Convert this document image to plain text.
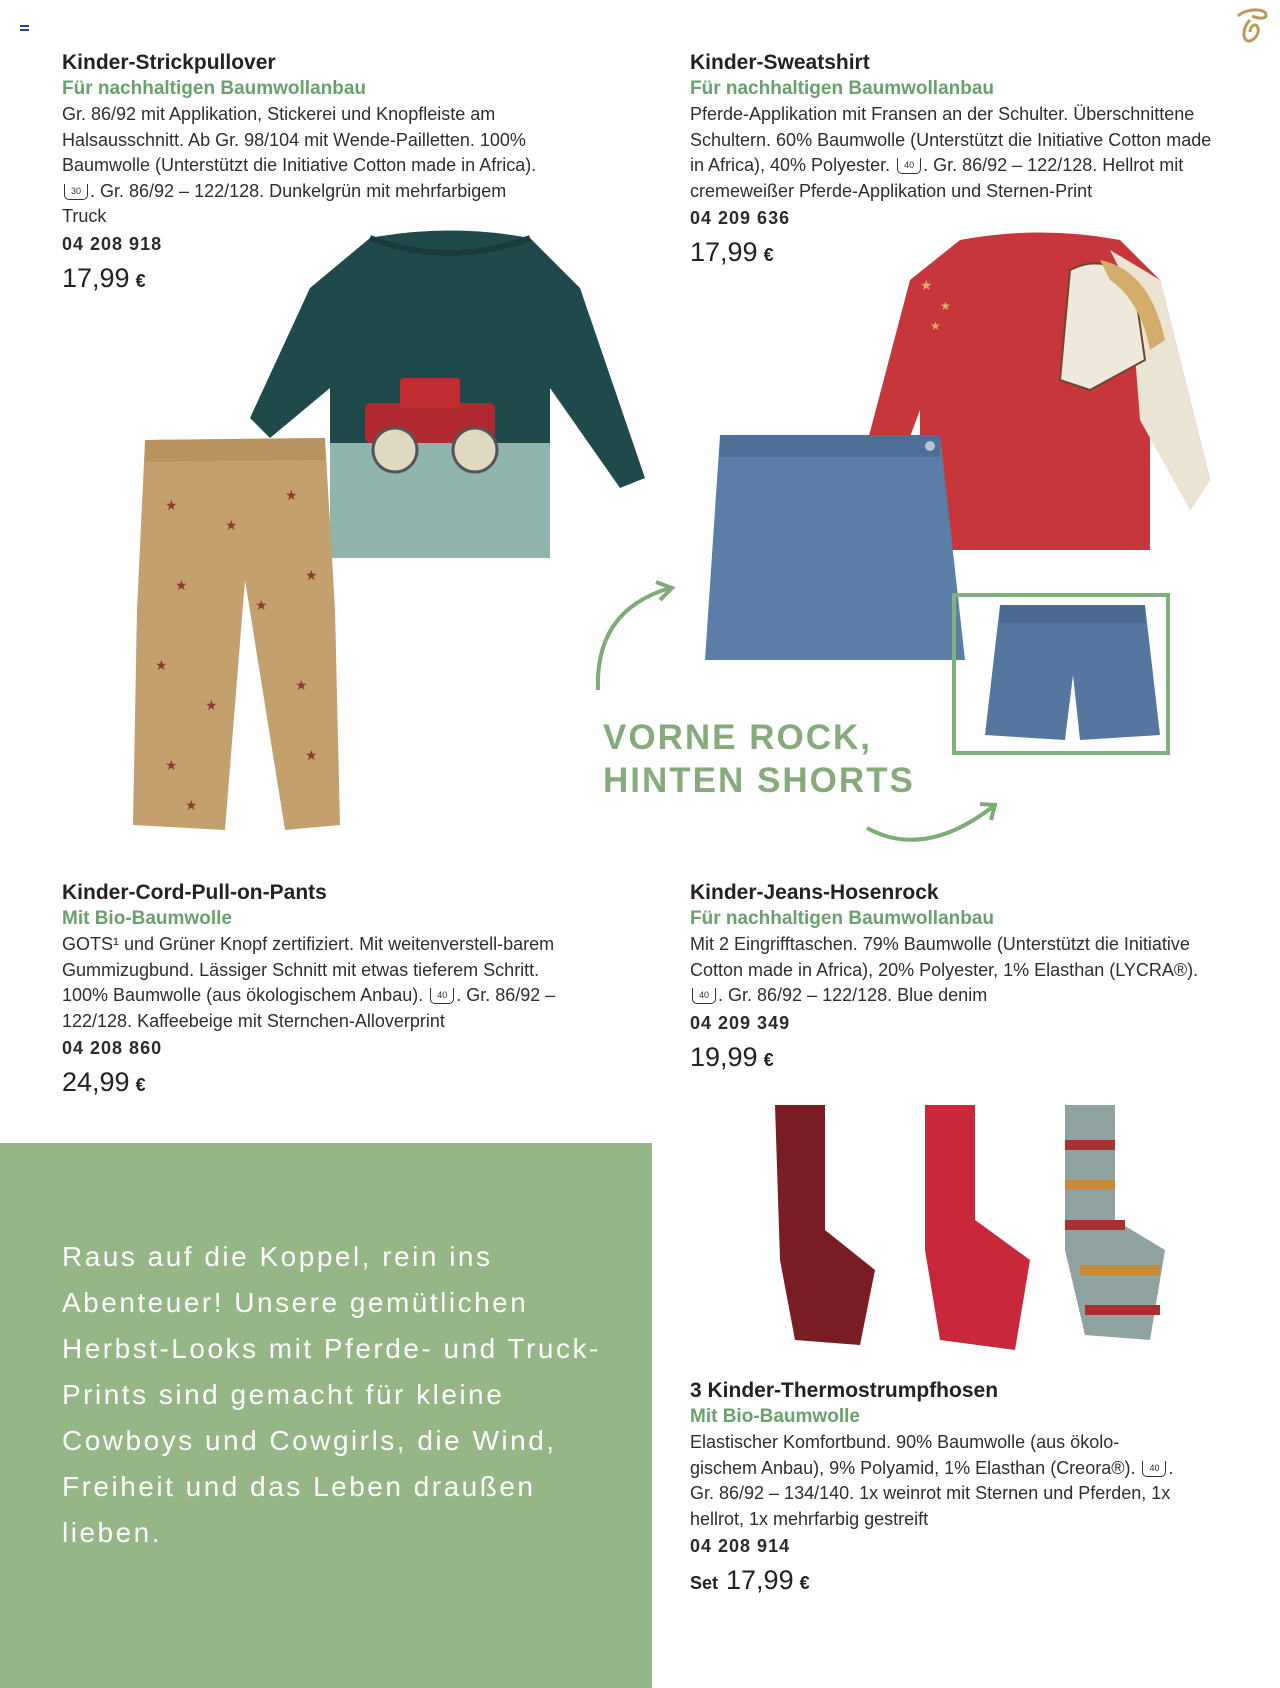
Kinder-Strickpullover
Für nachhaltigen Baumwollanbau
Gr. 86/92 mit Applikation, Stickerei und Knopfleiste am Halsausschnitt. Ab Gr. 98/104 mit Wende-Pailletten. 100% Baumwolle (Unterstützt die Initiative Cotton made in Africa). 30 . Gr. 86/92 – 122/128. Dunkelgrün mit mehrfarbigem Truck
04 208 918
17,99 €
Kinder-Sweatshirt
Für nachhaltigen Baumwollanbau
Pferde-Applikation mit Fransen an der Schulter. Überschnittene Schultern. 60% Baumwolle (Unterstützt die Initiative Cotton made in Africa), 40% Polyester. 40 . Gr. 86/92 – 122/128. Hellrot mit cremeweißer Pferde-Applikation und Sternen-Print
04 209 636
17,99 €
★
★
★
★
★
★
★
★
★
★
★
★
★
★
★
VORNE ROCK,
HINTEN SHORTS
Kinder-Cord-Pull-on-Pants
Mit Bio-Baumwolle
GOTS¹ und Grüner Knopf zertifiziert. Mit weitenverstell-barem Gummizugbund. Lässiger Schnitt mit etwas tieferem Schritt. 100% Baumwolle (aus ökologischem Anbau). 40 . Gr. 86/92 – 122/128. Kaffeebeige mit Sternchen-Alloverprint
04 208 860
24,99 €
Kinder-Jeans-Hosenrock
Für nachhaltigen Baumwollanbau
Mit 2 Eingrifftaschen. 79% Baumwolle (Unterstützt die Initiative Cotton made in Africa), 20% Polyester, 1% Elasthan (LYCRA®). 40 . Gr. 86/92 – 122/128. Blue denim
04 209 349
19,99 €
3 Kinder-Thermostrumpfhosen
Mit Bio-Baumwolle
Elastischer Komfortbund. 90% Baumwolle (aus ökolo-gischem Anbau), 9% Polyamid, 1% Elasthan (Creora®). 40 . Gr. 86/92 – 134/140. 1x weinrot mit Sternen und Pferden, 1x hellrot, 1x mehrfarbig gestreift
04 208 914
Set 17,99 €
Raus auf die Koppel, rein ins Abenteuer! Unsere gemütlichen Herbst-Looks mit Pferde- und Truck-Prints sind gemacht für kleine Cowboys und Cowgirls, die Wind, Freiheit und das Leben draußen lieben.
